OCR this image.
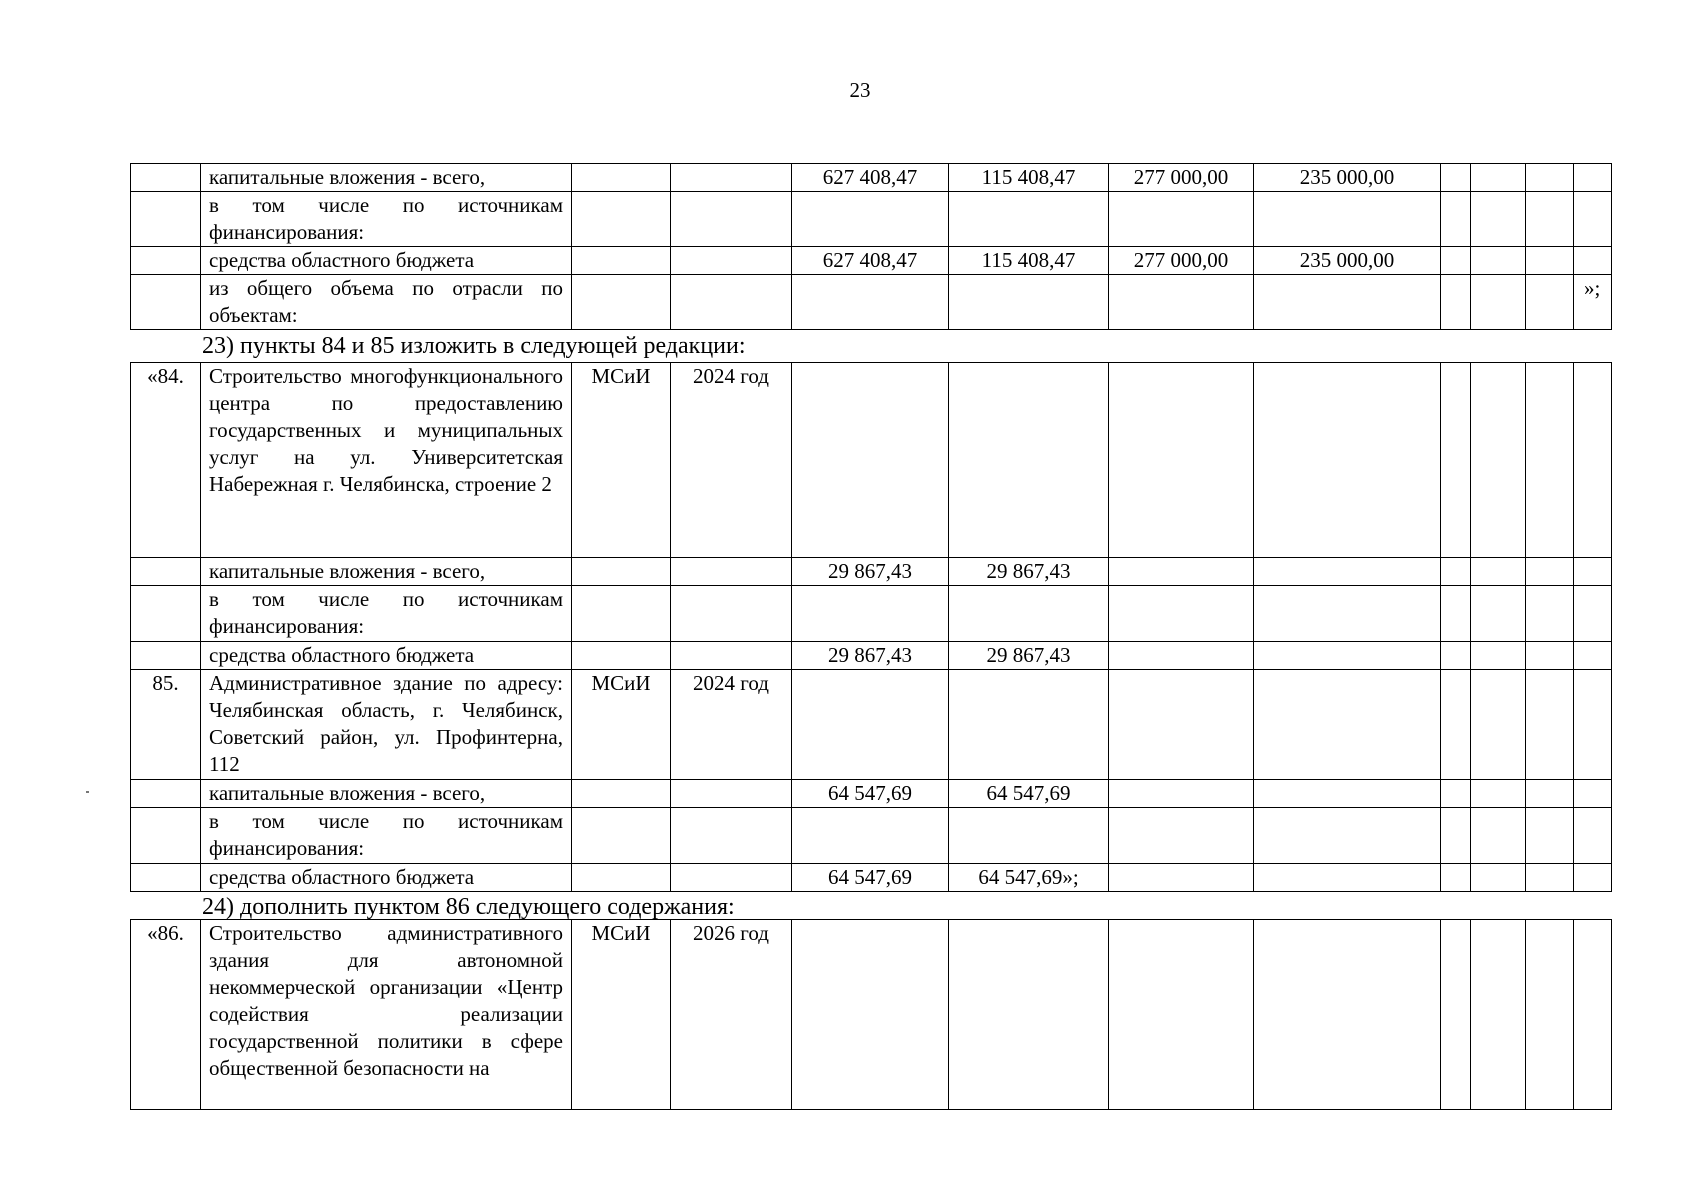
23
	капитальные вложения - всего,			627 408,47	115 408,47	277 000,00	235 000,00				
	в том числе по источникам финансирования:										
	средства областного бюджета			627 408,47	115 408,47	277 000,00	235 000,00				
	из общего объема по отрасли по объектам:										»;
23) пункты 84 и 85 изложить в следующей редакции:
«84.	Строительство многофункционального центра по предоставлению государственных и муниципальных услуг на ул. Университетская Набережная г. Челябинска, строение 2	МСиИ	2024 год								
	капитальные вложения - всего,			29 867,43	29 867,43						
	в том числе по источникам финансирования:										
	средства областного бюджета			29 867,43	29 867,43						
85.	Административное здание по адресу: Челябинская область, г. Челябинск, Советский район, ул. Профинтерна, 112	МСиИ	2024 год								
	капитальные вложения - всего,			64 547,69	64 547,69						
	в том числе по источникам финансирования:										
	средства областного бюджета			64 547,69	64 547,69»;						
24) дополнить пунктом 86 следующего содержания:
«86.	Строительство административного здания для автономной некоммерческой организации «Центр содействия реализации государственной политики в сфере общественной безопасности на	МСиИ	2026 год								
